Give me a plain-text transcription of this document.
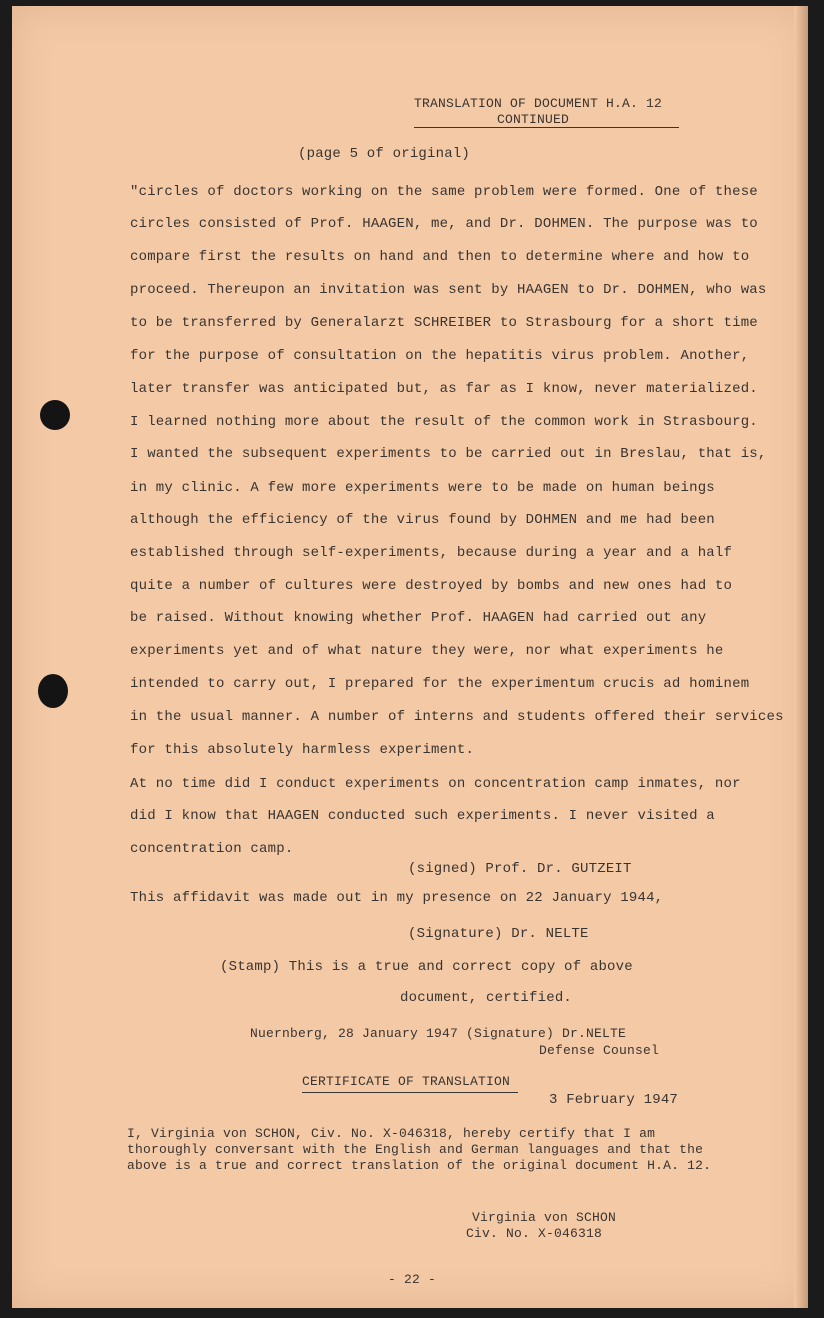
TRANSLATION OF DOCUMENT H.A. 12
CONTINUED
(page 5 of original)
"circles of doctors working on the same problem were formed. One of these
circles consisted of Prof. HAAGEN, me, and Dr. DOHMEN. The purpose was to
compare first the results on hand and then to determine where and how to
proceed. Thereupon an invitation was sent by HAAGEN to Dr. DOHMEN, who was
to be transferred by Generalarzt SCHREIBER to Strasbourg for a short time
for the purpose of consultation on the hepatitis virus problem. Another,
later transfer was anticipated but, as far as I know, never materialized.
I learned nothing more about the result of the common work in Strasbourg.
I wanted the subsequent experiments to be carried out in Breslau, that is,
in my clinic. A few more experiments were to be made on human beings
although the efficiency of the virus found by DOHMEN and me had been
established through self-experiments, because during a year and a half
quite a number of cultures were destroyed by bombs and new ones had to
be raised. Without knowing whether Prof. HAAGEN had carried out any
experiments yet and of what nature they were, nor what experiments he
intended to carry out, I prepared for the experimentum crucis ad hominem
in the usual manner. A number of interns and students offered their services
for this absolutely harmless experiment.
At no time did I conduct experiments on concentration camp inmates, nor
did I know that HAAGEN conducted such experiments. I never visited a
concentration camp.
(signed) Prof. Dr. GUTZEIT
This affidavit was made out in my presence on 22 January 1944,
(Signature) Dr. NELTE
(Stamp) This is a true and correct copy of above
document, certified.
Nuernberg, 28 January 1947 (Signature) Dr.NELTE
Defense Counsel
CERTIFICATE OF TRANSLATION
3 February 1947
I, Virginia von SCHON, Civ. No. X-046318, hereby certify that I am
thoroughly conversant with the English and German languages and that the
above is a true and correct translation of the original document H.A. 12.
Virginia von SCHON
Civ. No. X-046318
- 22 -
